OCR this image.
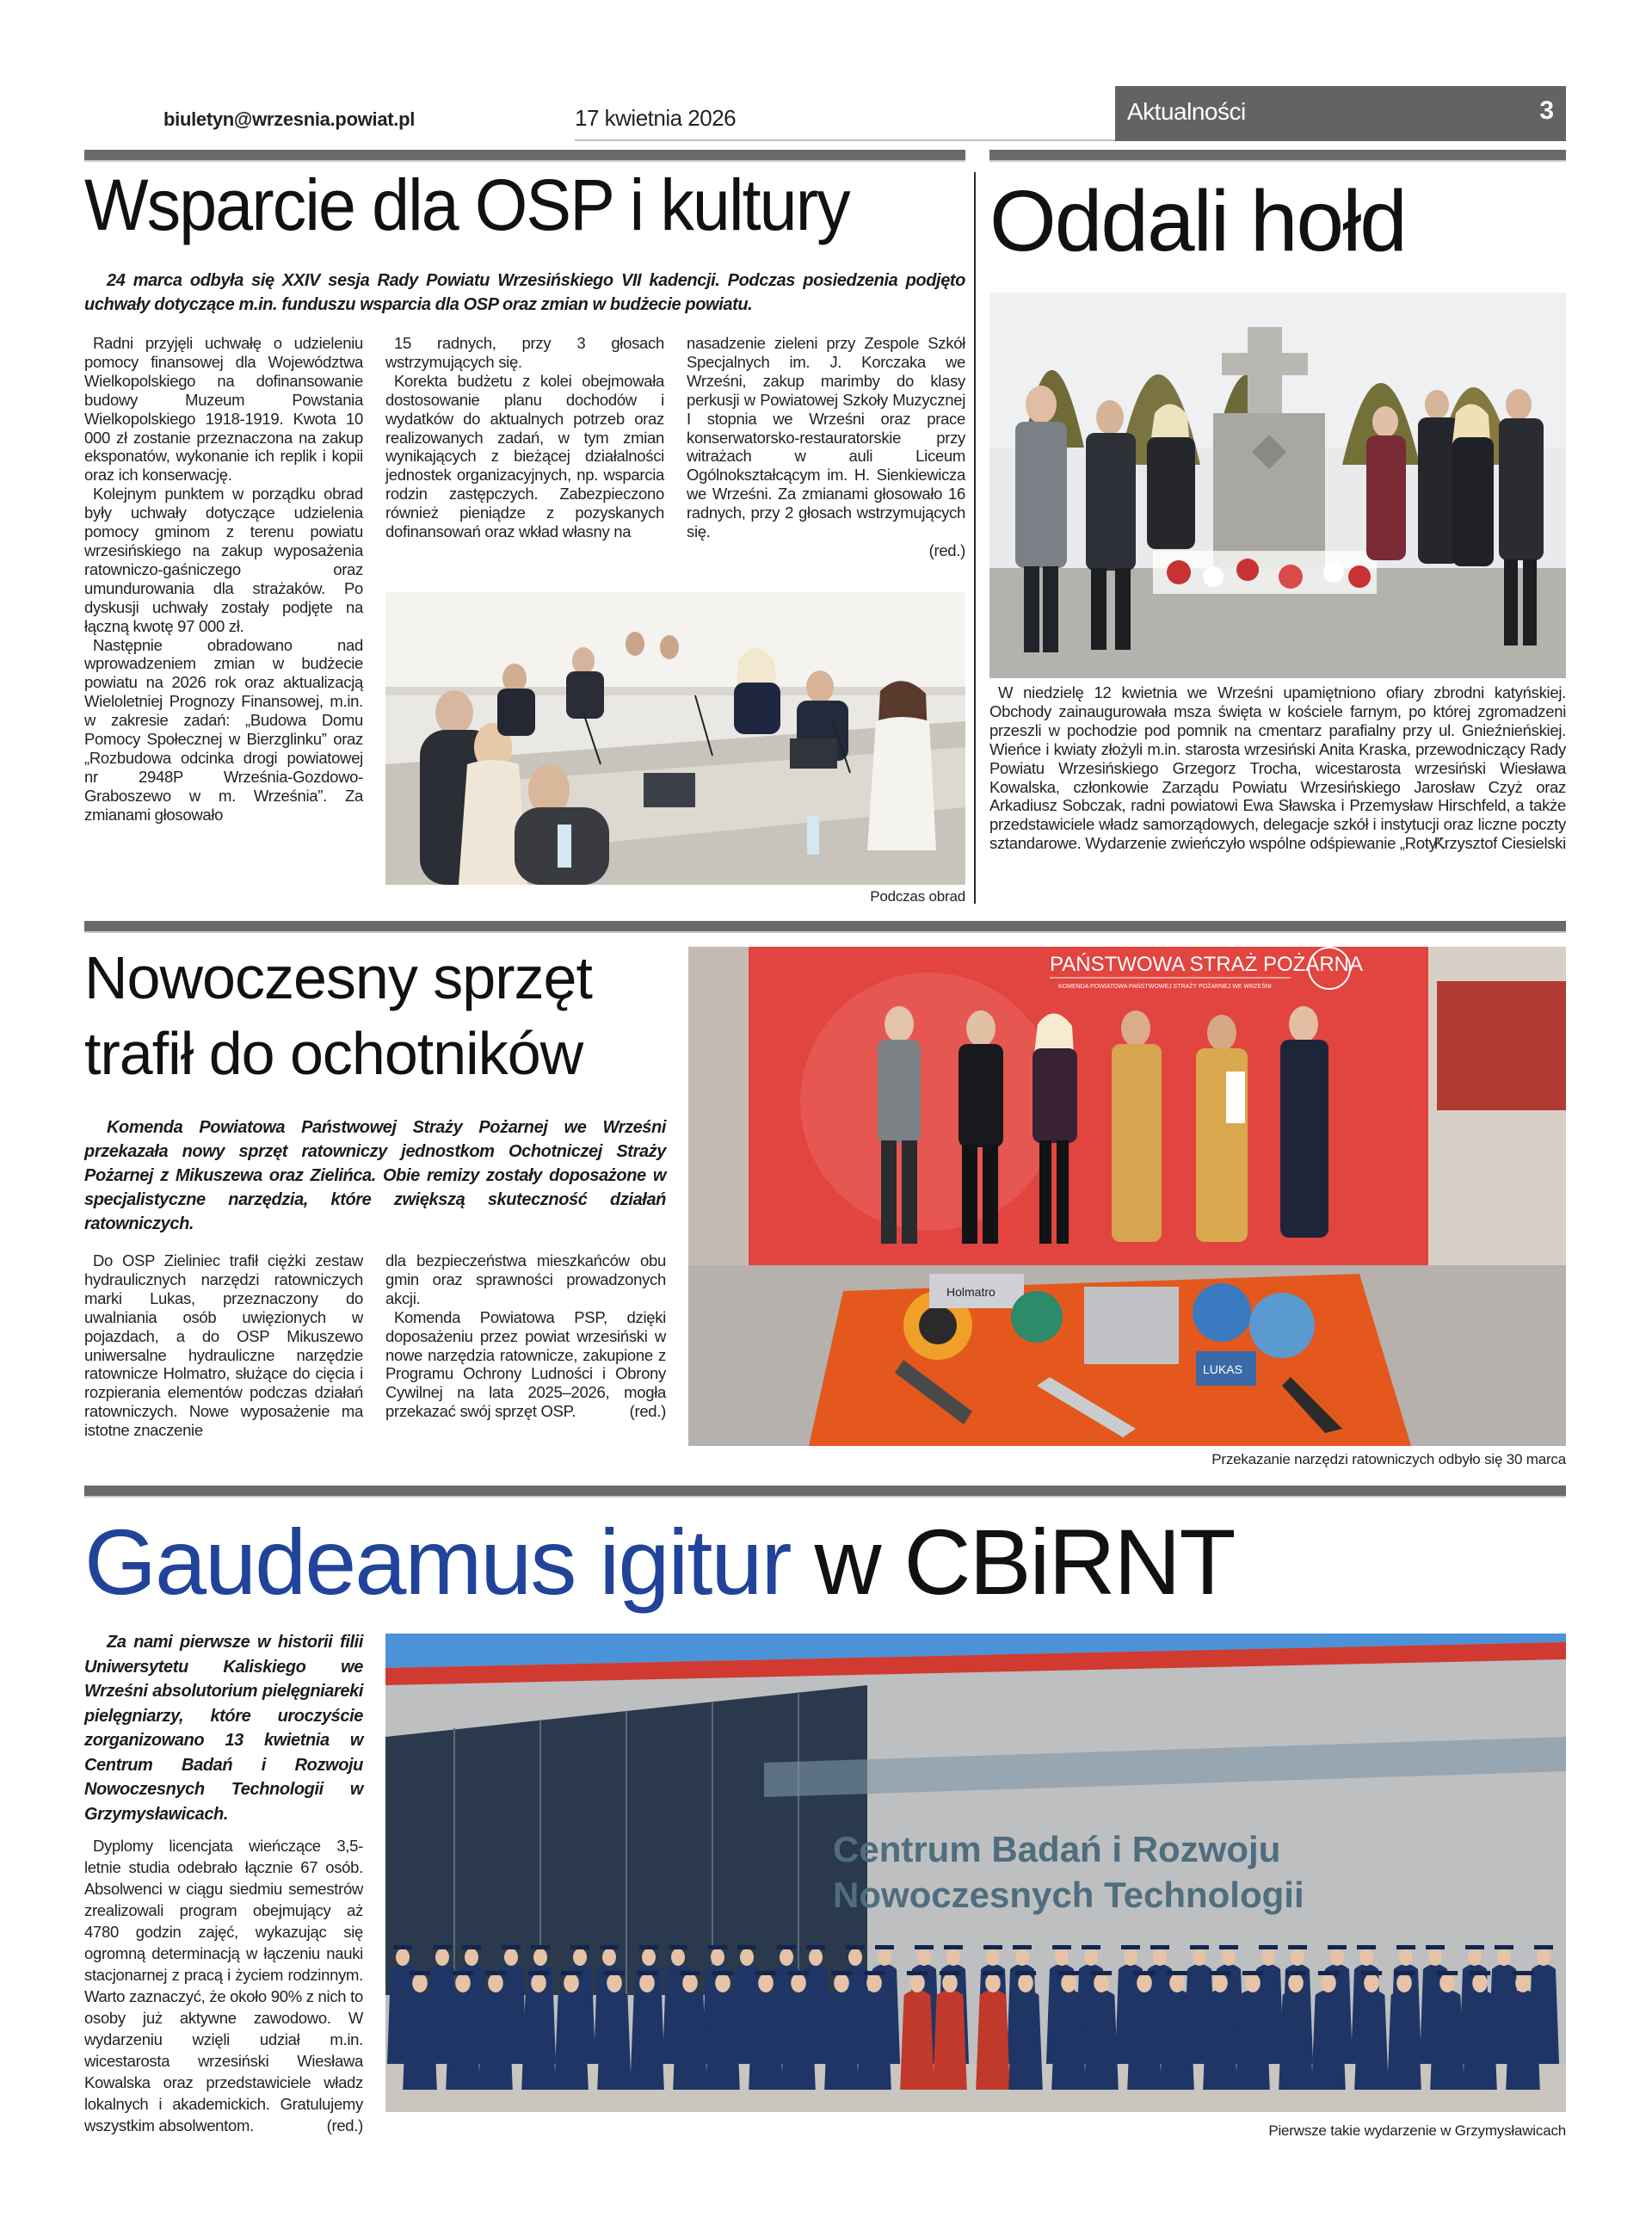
biuletyn@wrzesnia.powiat.pl	17 kwietnia 2026	Aktualności	3
Wsparcie dla OSP i kultury

24 marca odbyła się XXIV sesja Rady Powiatu Wrzesińskiego VII kadencji. Podczas posiedzenia podjęto uchwały dotyczące m.in. funduszu wsparcia dla OSP oraz zmian w budżecie powiatu.

Radni przyjęli uchwałę o udzieleniu pomocy finansowej dla Województwa Wielkopolskiego na dofinansowanie budowy Muzeum Powstania Wielkopolskiego 1918-1919. Kwota 10 000 zł zostanie przeznaczona na zakup eksponatów, wykonanie ich replik i kopii oraz ich konserwację.

Kolejnym punktem w porządku obrad były uchwały dotyczące udzielenia pomocy gminom z terenu powiatu wrzesińskiego na zakup wyposażenia ratowniczo-gaśniczego oraz umundurowania dla strażaków. Po dyskusji uchwały zostały podjęte na łączną kwotę 97 000 zł.

Następnie obradowano nad wprowadzeniem zmian w budżecie powiatu na 2026 rok oraz aktualizacją Wieloletniej Prognozy Finansowej, m.in. w zakresie zadań: „Budowa Domu Pomocy Społecznej w Bierzglinku” oraz „Rozbudowa odcinka drogi powiatowej nr 2948P Września-Gozdowo-Graboszewo w m. Września”. Za zmianami głosowało

15 radnych, przy 3 głosach wstrzymujących się.

Korekta budżetu z kolei obejmowała dostosowanie planu dochodów i wydatków do aktualnych potrzeb oraz realizowanych zadań, w tym zmian wynikających z bieżącej działalności jednostek organizacyjnych, np. wsparcia rodzin zastępczych. Zabezpieczono również pieniądze z pozyskanych dofinansowań oraz wkład własny na

nasadzenie zieleni przy Zespole Szkół Specjalnych im. J. Korczaka we Wrześni, zakup marimby do klasy perkusji w Powiatowej Szkoły Muzycznej I stopnia we Wrześni oraz prace konserwatorsko-restauratorskie przy witrażach w auli Liceum Ogólnokształcącym im. H. Sienkiewicza we Wrześni. Za zmianami głosowało 16 radnych, przy 2 głosach wstrzymujących się.

(red.)

Podczas obrad
Oddali hołd

W niedzielę 12 kwietnia we Wrześni upamiętniono ofiary zbrodni katyńskiej. Obchody zainaugurowała msza święta w kościele farnym, po której zgromadzeni przeszli w pochodzie pod pomnik na cmentarz parafialny przy ul. Gnieźnieńskiej. Wieńce i kwiaty złożyli m.in. starosta wrzesiński Anita Kraska, przewodniczący Rady Powiatu Wrzesińskiego Grzegorz Trocha, wicestarosta wrzesiński Wiesława Kowalska, członkowie Zarządu Powiatu Wrzesińskiego Jarosław Czyż oraz Arkadiusz Sobczak, radni powiatowi Ewa Sławska i Przemysław Hirschfeld, a także przedstawiciele władz samorządowych, delegacje szkół i instytucji oraz liczne poczty sztandarowe. Wydarzenie zwieńczyło wspólne odśpiewanie „Roty”.

Krzysztof Ciesielski

Nowoczesny sprzęt
trafił do ochotników

Komenda Powiatowa Państwowej Straży Pożarnej we Wrześni przekazała nowy sprzęt ratowniczy jednostkom Ochotniczej Straży Pożarnej z Mikuszewa oraz Zielińca. Obie remizy zostały doposażone w specjalistyczne narzędzia, które zwiększą skuteczność działań ratowniczych.

Do OSP Zieliniec trafił ciężki zestaw hydraulicznych narzędzi ratowniczych marki Lukas, przeznaczony do uwalniania osób uwięzionych w pojazdach, a do OSP Mikuszewo uniwersalne hydrauliczne narzędzie ratownicze Holmatro, służące do cięcia i rozpierania elementów podczas działań ratowniczych. Nowe wyposażenie ma istotne znaczenie

dla bezpieczeństwa mieszkańców obu gmin oraz sprawności prowadzonych akcji.

Komenda Powiatowa PSP, dzięki doposażeniu przez powiat wrzesiński w nowe narzędzia ratownicze, zakupione z Programu Ochrony Ludności i Obrony Cywilnej na lata 2025–2026, mogła przekazać swój sprzęt OSP.	(red.)

PAŃSTWOWA STRAŻ POŻARNA
KOMENDA POWIATOWA PAŃSTWOWEJ STRAŻY POŻARNEJ WE WRZEŚNI
Holmatro
LUKAS
Przekazanie narzędzi ratowniczych odbyło się 30 marca
Gaudeamus igitur w CBiRNT

Za nami pierwsze w historii filii Uniwersytetu Kaliskiego we Wrześni absolutorium pielęgniareki pielęgniarzy, które uroczyście zorganizowano 13 kwietnia w Centrum Badań i Rozwoju Nowoczesnych Technologii w Grzymysławicach.

Dyplomy licencjata wieńczące 3,5-letnie studia odebrało łącznie 67 osób. Absolwenci w ciągu siedmiu semestrów zrealizowali program obejmujący aż 4780 godzin zajęć, wykazując się ogromną determinacją w łączeniu nauki stacjonarnej z pracą i życiem rodzinnym. Warto zaznaczyć, że około 90% z nich to osoby już aktywne zawodowo. W wydarzeniu wzięli udział m.in. wicestarosta wrzesiński Wiesława Kowalska oraz przedstawiciele władz lokalnych i akademickich. Gratulujemy wszystkim absolwentom.	(red.)

Centrum Badań i Rozwoju
Nowoczesnych Technologii
Pierwsze takie wydarzenie w Grzymysławicach
